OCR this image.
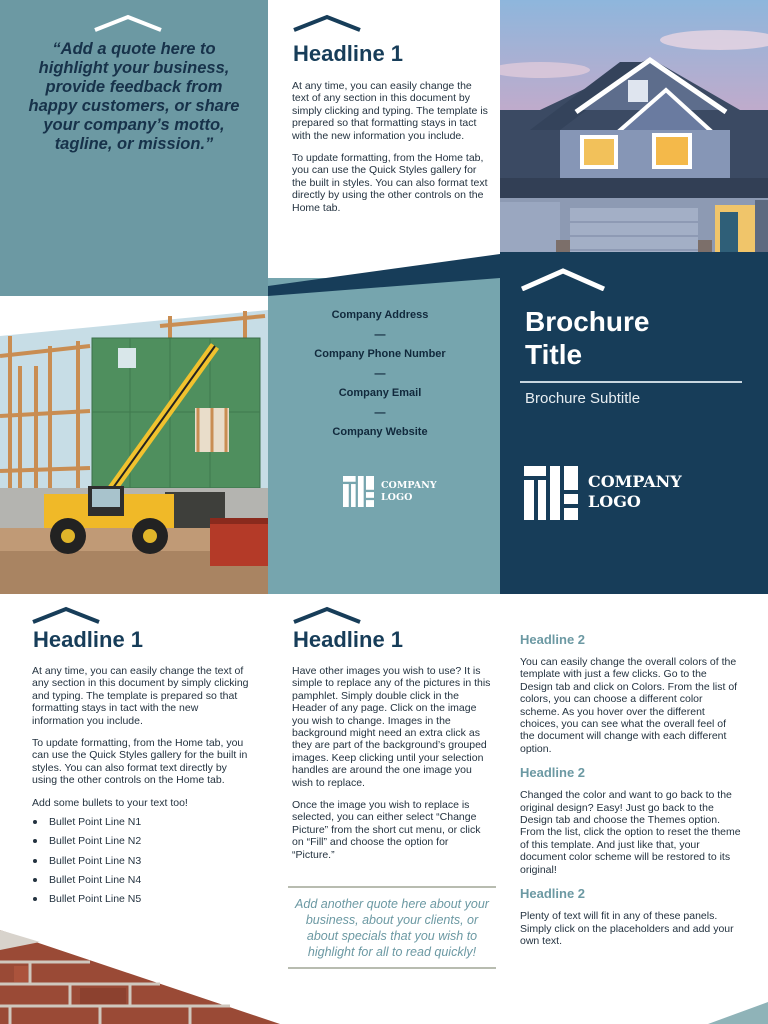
“Add a quote here to highlight your business, provide feedback from happy customers, or share your company’s motto, tagline, or mission.”
Headline 1

At any time, you can easily change the text of any section in this document by simply clicking and typing. The template is prepared so that formatting stays in tact with the new information you include.

To update formatting, from the Home tab, you can use the Quick Styles gallery for the built in styles. You can also format text directly by using the other controls on the Home tab.

Brochure
Title
Brochure Subtitle
COMPANY
LOGO
Company Address
—
Company Phone Number
—
Company Email
—
Company Website
COMPANY
LOGO
Headline 1

At any time, you can easily change the text of any section in this document by simply clicking and typing. The template is prepared so that formatting stays in tact with the new information you include.

To update formatting, from the Home tab, you can use the Quick Styles gallery for the built in styles. You can also format text directly by using the other controls on the Home tab.

Add some bullets to your text too!

Bullet Point Line N1
Bullet Point Line N2
Bullet Point Line N3
Bullet Point Line N4
Bullet Point Line N5
Headline 1

Have other images you wish to use? It is simple to replace any of the pictures in this pamphlet. Simply double click in the Header of any page. Click on the image you wish to change. Images in the background might need an extra click as they are part of the background’s grouped images. Keep clicking until your selection handles are around the one image you wish to replace.

Once the image you wish to replace is selected, you can either select “Change Picture” from the short cut menu, or click on “Fill” and choose the option for “Picture.”

Add another quote here about your business, about your clients, or about specials that you wish to highlight for all to read quickly!
Headline 2
You can easily change the overall colors of the template with just a few clicks. Go to the Design tab and click on Colors. From the list of colors, you can choose a different color scheme. As you hover over the different choices, you can see what the overall feel of the document will change with each different option.
Headline 2
Changed the color and want to go back to the original design? Easy! Just go back to the Design tab and choose the Themes option. From the list, click the option to reset the theme of this template. And just like that, your document color scheme will be restored to its original!
Headline 2
Plenty of text will fit in any of these panels. Simply click on the placeholders and add your own text.
